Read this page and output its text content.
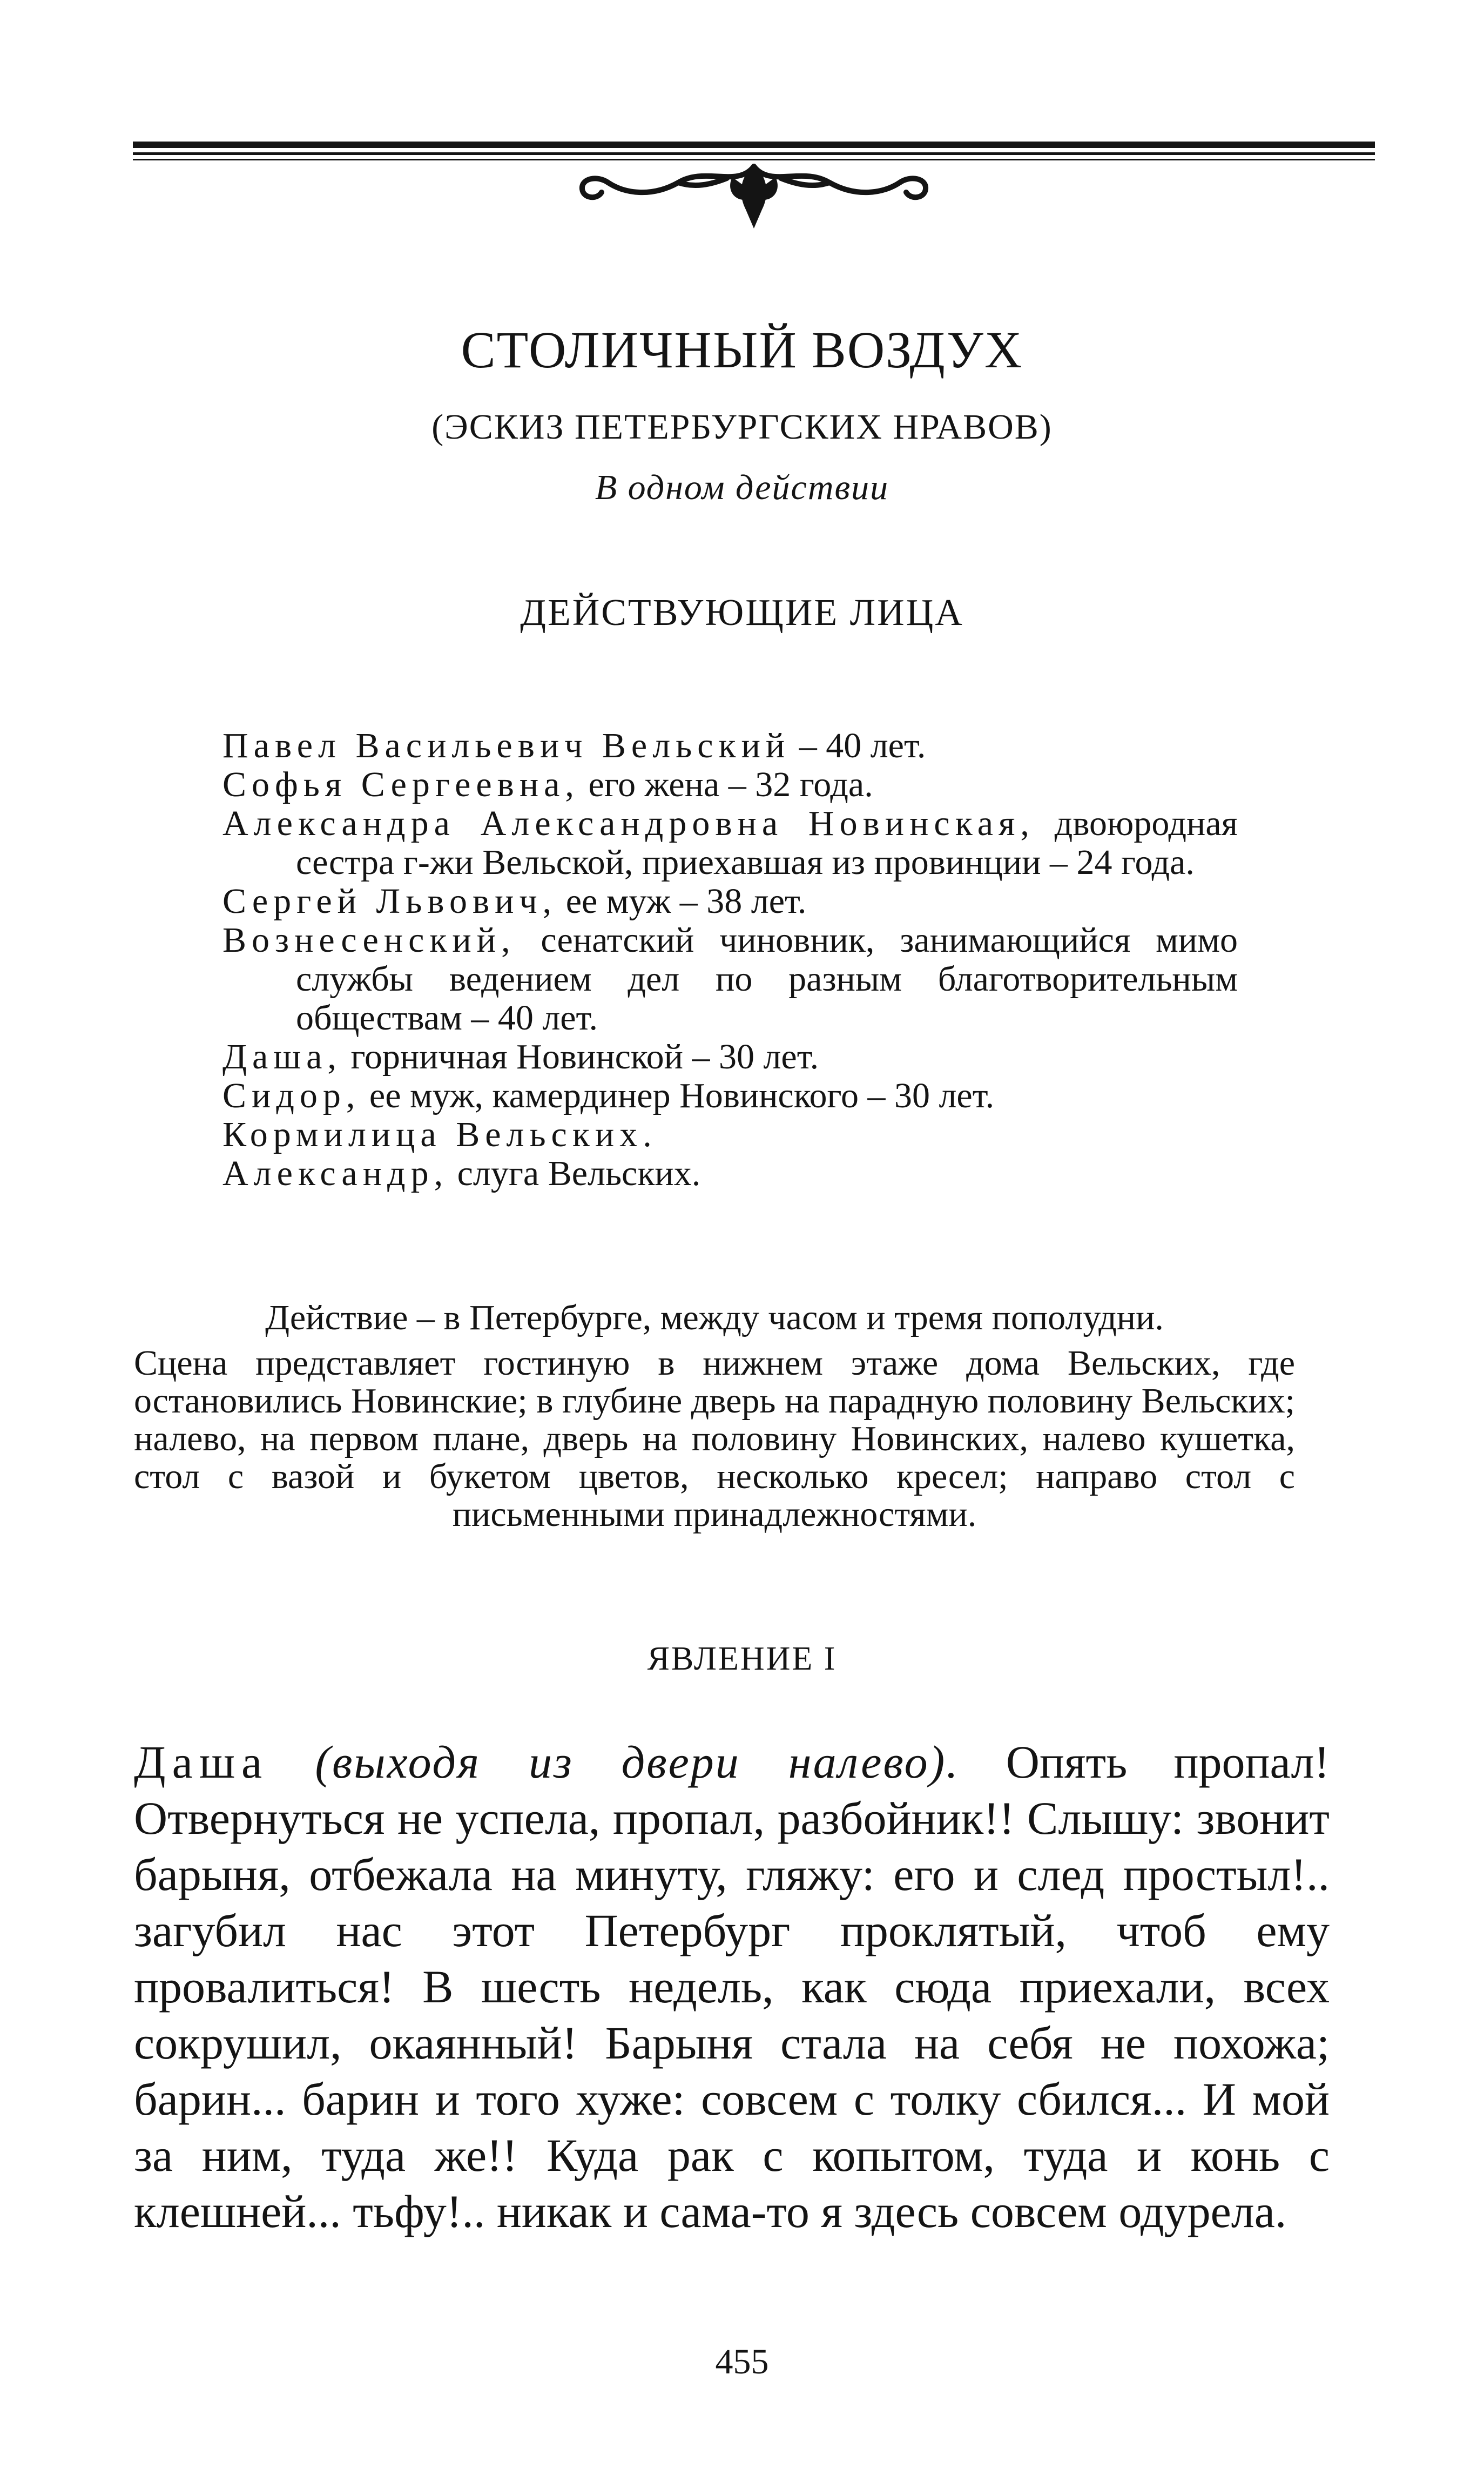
СТОЛИЧНЫЙ ВОЗДУХ
(ЭСКИЗ ПЕТЕРБУРГСКИХ НРАВОВ)
В одном действии
ДЕЙСТВУЮЩИЕ ЛИЦА
Павел Васильевич Вельский – 40 лет.
Софья Сергеевна, его жена – 32 года.
Александра Александровна Новинская, двоюродная сестра г-жи Вельской, приехавшая из провинции – 24 года.
Сергей Львович, ее муж – 38 лет.
Вознесенский, сенатский чиновник, занимающийся мимо службы ведением дел по разным благотворительным обществам – 40 лет.
Даша, горничная Новинской – 30 лет.
Сидор, ее муж, камердинер Новинского – 30 лет.
Кормилица Вельских.
Александр, слуга Вельских.
Действие – в Петербурге, между часом и тремя пополудни.
Сцена представляет гостиную в нижнем этаже дома Вельских, где остановились Новинские; в глубине дверь на парадную половину Вельских; налево, на первом плане, дверь на половину Новинских, налево кушетка, стол с вазой и букетом цветов, несколько кресел; направо стол с письменными принадлежностями.
ЯВЛЕНИЕ I
Даша (выходя из двери налево). Опять пропал! Отвернуться не успела, пропал, разбойник!! Слышу: звонит барыня, отбежала на минуту, гляжу: его и след простыл!.. загубил нас этот Петербург проклятый, чтоб ему провалиться! В шесть недель, как сюда приехали, всех сокрушил, окаянный! Барыня стала на себя не похожа; барин... барин и того хуже: совсем с толку сбился... И мой за ним, туда же!! Куда рак с копытом, туда и конь с клешней... тьфу!.. никак и сама-то я здесь совсем одурела.
455
